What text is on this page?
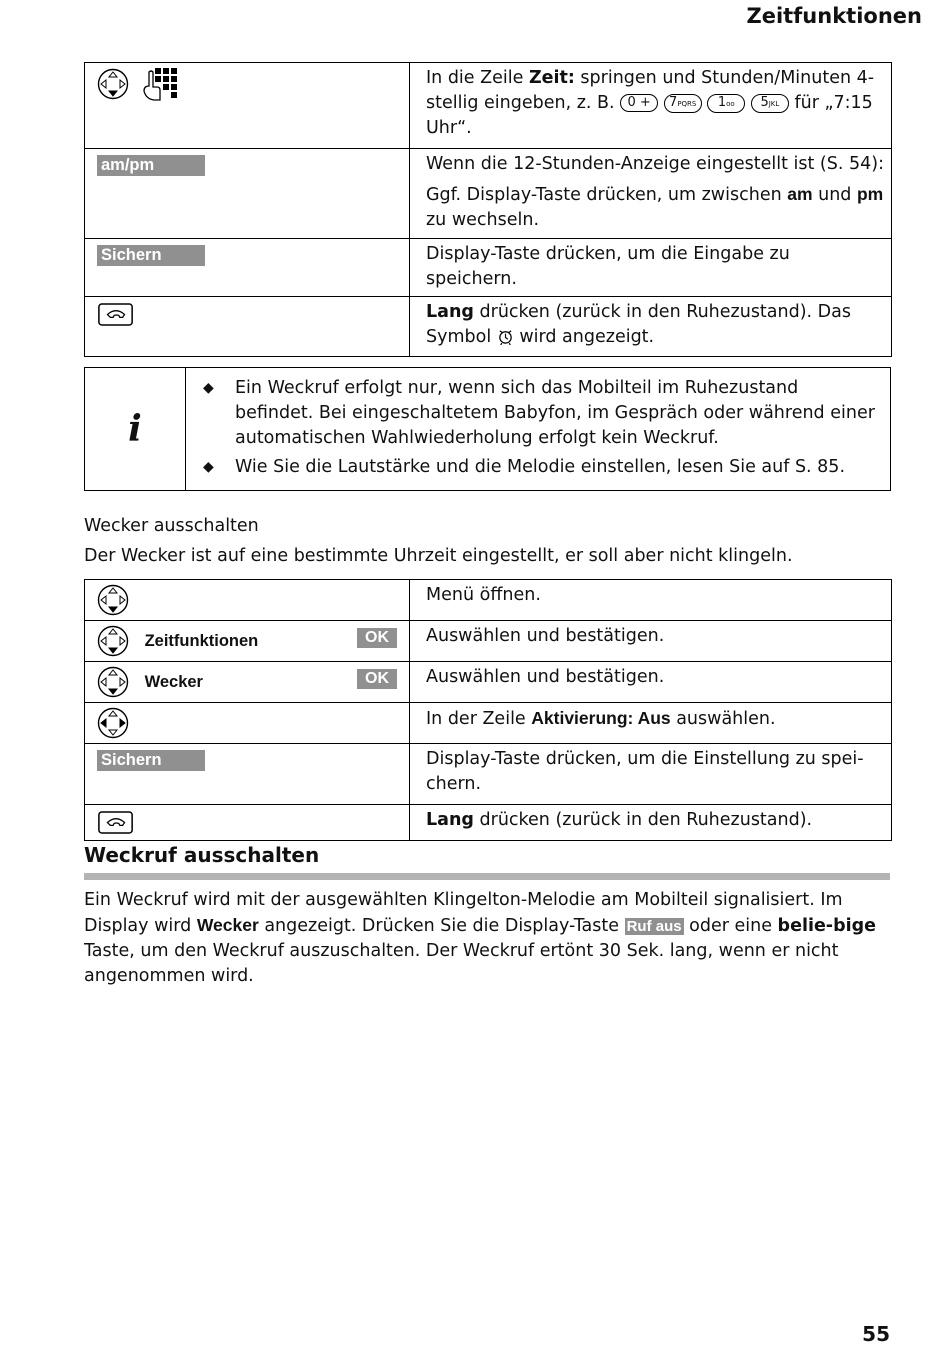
Zeitfunktionen
	In die Zeile Zeit: springen und Stunden/Minuten 4-stellig eingeben, z. B. 0 + 7PQRS 1oo 5JKL für „7:15 Uhr“.
am/pm	Wenn die 12-Stunden-Anzeige eingestellt ist (S. 54):
Ggf. Display-Taste drücken, um zwischen am und pm zu wechseln.

Sichern	Display-Taste drücken, um die Eingabe zu speichern.
	Lang drücken (zurück in den Ruhezustand). Das Symbol  wird angezeigt.
i
◆ Ein Weckruf erfolgt nur, wenn sich das Mobilteil im Ruhezustand befindet. Bei eingeschaltetem Babyfon, im Gespräch oder während einer automatischen Wahlwiederholung erfolgt kein Weckruf.
◆ Wie Sie die Lautstärke und die Melodie einstellen, lesen Sie auf S. 85.

Wecker ausschalten

Der Wecker ist auf eine bestimmte Uhrzeit eingestellt, er soll aber nicht klingeln.

	Menü öffnen.
Zeitfunktionen OK	Auswählen und bestätigen.
Wecker OK	Auswählen und bestätigen.
	In der Zeile Aktivierung: Aus auswählen.
Sichern	Display-Taste drücken, um die Einstellung zu spei-chern.
	Lang drücken (zurück in den Ruhezustand).
Weckruf ausschalten

Ein Weckruf wird mit der ausgewählten Klingelton-Melodie am Mobilteil signalisiert. Im Display wird Wecker angezeigt. Drücken Sie die Display-Taste Ruf aus oder eine belie-bige Taste, um den Weckruf auszuschalten. Der Weckruf ertönt 30 Sek. lang, wenn er nicht angenommen wird.

55
